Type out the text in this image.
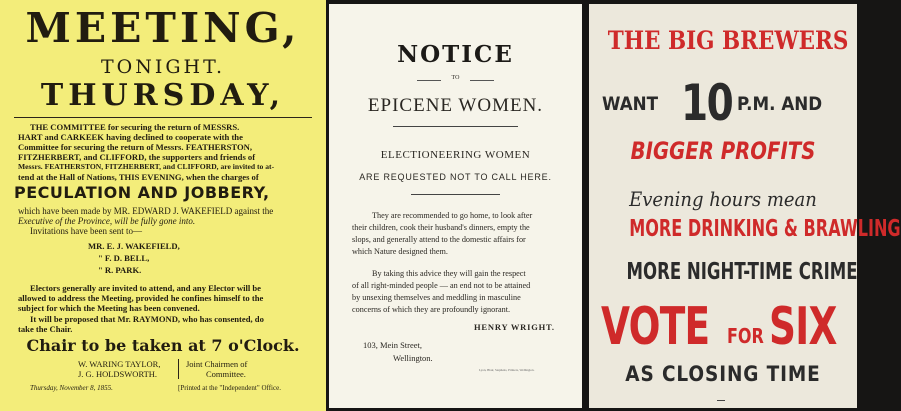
MEETING,
TONIGHT.
THURSDAY,
THE COMMITTEE for securing the return of MESSRS.
HART and CARKEEK having declined to cooperate with the
Committee for securing the return of Messrs. FEATHERSTON,
FITZHERBERT, and CLIFFORD, the supporters and friends of
Messrs. FEATHERSTON, FITZHERBERT, and CLIFFORD, are invited to at-
tend at the Hall of Nations, THIS EVENING, when the charges of
PECULATION AND JOBBERY,
which have been made by MR. EDWARD J. WAKEFIELD against the
Executive of the Province, will be fully gone into.
Invitations have been sent to—
MR. E. J. WAKEFIELD,
" F. D. BELL,
" R. PARK.
Electors generally are invited to attend, and any Elector will be
allowed to address the Meeting, provided he confines himself to the
subject for which the Meeting has been convened.
It will be proposed that Mr. RAYMOND, who has consented, do
take the Chair.
Chair to be taken at 7 o'Clock.
W. WARING TAYLOR,
J. G. HOLDSWORTH.
Joint Chairmen of
Committee.
Thursday, November 8, 1855.	[Printed at the "Independent" Office.
NOTICE
TO
EPICENE WOMEN.
ELECTIONEERING WOMEN
ARE REQUESTED NOT TO CALL HERE.
They are recommended to go home, to look after
their children, cook their husband's dinners, empty the
slops, and generally attend to the domestic affairs for
which Nature designed them.
By taking this advice they will gain the respect
of all right-minded people — an end not to be attained
by unsexing themselves and meddling in masculine
concerns of which they are profoundly ignorant.
HENRY WRIGHT.
103, Mein Street,
Wellington.
Lyon, Blair, Stephens, Printers, Wellington.
THE BIG BREWERS
WANT 10 P.M. AND
BIGGER PROFITS
Evening hours mean
MORE DRINKING & BRAWLING
MORE NIGHT-TIME CRIME
VOTE FOR SIX
AS CLOSING TIME
